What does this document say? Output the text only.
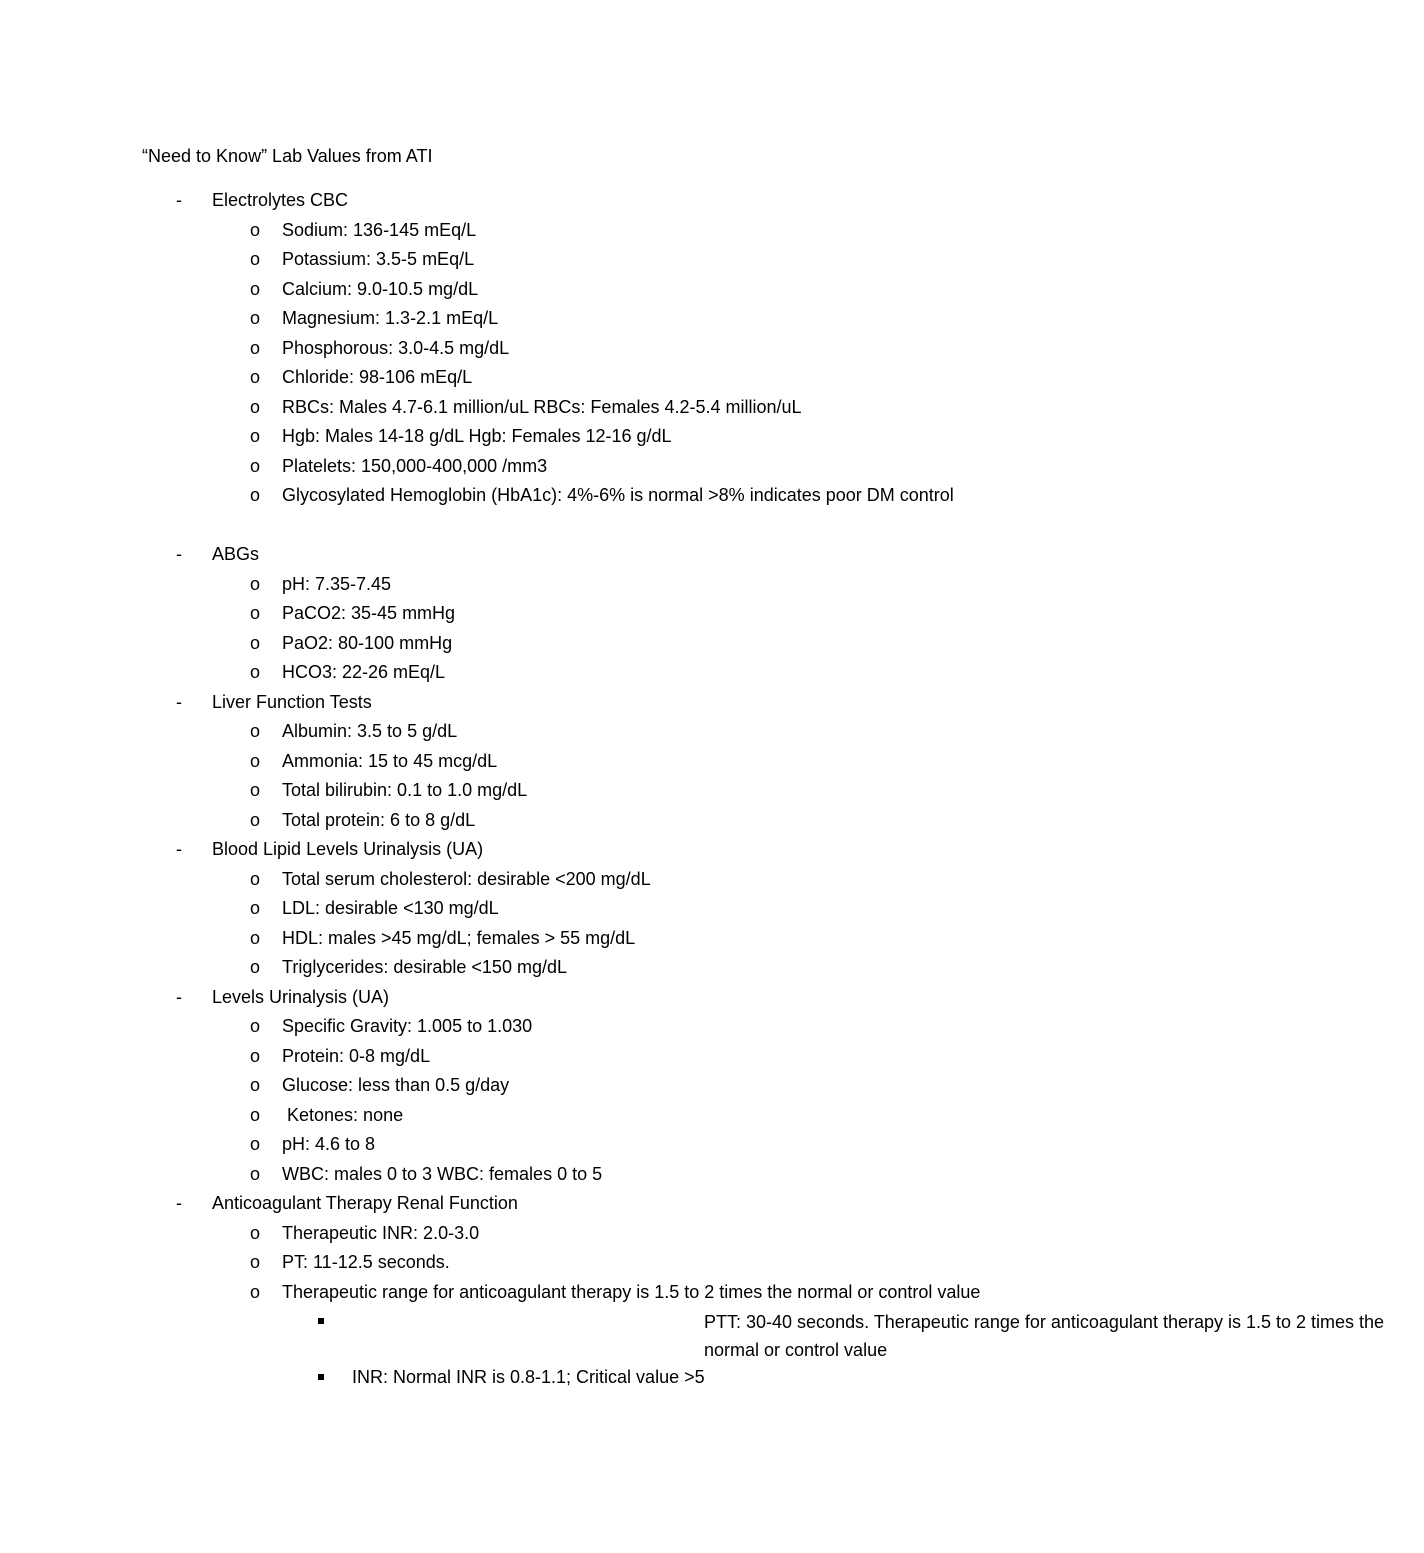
“Need to Know” Lab Values from ATI
- Electrolytes CBC
o Sodium: 136-145 mEq/L
o Potassium: 3.5-5 mEq/L
o Calcium: 9.0-10.5 mg/dL
o Magnesium: 1.3-2.1 mEq/L
o Phosphorous: 3.0-4.5 mg/dL
o Chloride: 98-106 mEq/L
o RBCs: Males 4.7-6.1 million/uL RBCs: Females 4.2-5.4 million/uL
o Hgb: Males 14-18 g/dL Hgb: Females 12-16 g/dL
o Platelets: 150,000-400,000 /mm3
o Glycosylated Hemoglobin (HbA1c): 4%-6% is normal >8% indicates poor DM control
- ABGs
o pH: 7.35-7.45
o PaCO2: 35-45 mmHg
o PaO2: 80-100 mmHg
o HCO3: 22-26 mEq/L
- Liver Function Tests
o Albumin: 3.5 to 5 g/dL
o Ammonia: 15 to 45 mcg/dL
o Total bilirubin: 0.1 to 1.0 mg/dL
o Total protein: 6 to 8 g/dL
- Blood Lipid Levels Urinalysis (UA)
o Total serum cholesterol: desirable <200 mg/dL
o LDL: desirable <130 mg/dL
o HDL: males >45 mg/dL; females > 55 mg/dL
o Triglycerides: desirable <150 mg/dL
- Levels Urinalysis (UA)
o Specific Gravity: 1.005 to 1.030
o Protein: 0-8 mg/dL
o Glucose: less than 0.5 g/day
o Ketones: none
o pH: 4.6 to 8
o WBC: males 0 to 3 WBC: females 0 to 5
- Anticoagulant Therapy Renal Function
o Therapeutic INR: 2.0-3.0
o PT: 11-12.5 seconds.
o Therapeutic range for anticoagulant therapy is 1.5 to 2 times the normal or control value
PTT: 30-40 seconds. Therapeutic range for anticoagulant therapy is 1.5 to 2 times the normal or control value
INR: Normal INR is 0.8-1.1; Critical value >5
